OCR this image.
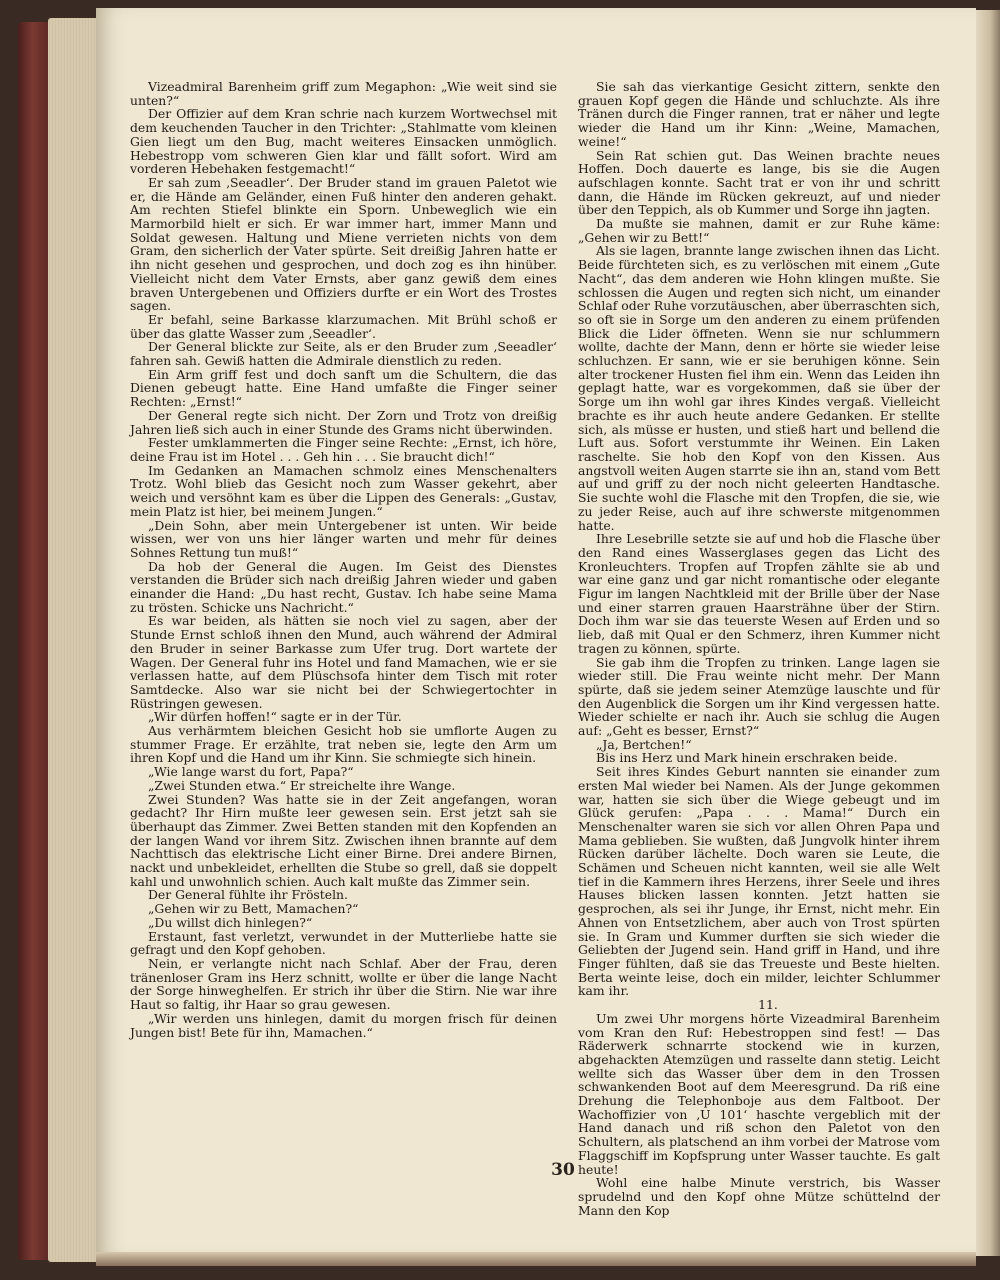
Vizeadmiral Barenheim griff zum Megaphon: „Wie weit sind sie unten?“

Der Offizier auf dem Kran schrie nach kurzem Wortwechsel mit dem keuchenden Taucher in den Trichter: „Stahlmatte vom kleinen Gien liegt um den Bug, macht weiteres Einsacken unmöglich. Hebestropp vom schweren Gien klar und fällt sofort. Wird am vorderen Hebehaken festgemacht!“

Er sah zum ‚Seeadler‘. Der Bruder stand im grauen Paletot wie er, die Hände am Geländer, einen Fuß hinter den anderen gehakt. Am rechten Stiefel blinkte ein Sporn. Unbeweglich wie ein Marmorbild hielt er sich. Er war immer hart, immer Mann und Soldat gewesen. Haltung und Miene verrieten nichts von dem Gram, den sicherlich der Vater spürte. Seit dreißig Jahren hatte er ihn nicht gesehen und gesprochen, und doch zog es ihn hinüber. Vielleicht nicht dem Vater Ernsts, aber ganz gewiß dem eines braven Untergebenen und Offiziers durfte er ein Wort des Trostes sagen.

Er befahl, seine Barkasse klarzumachen. Mit Brühl schoß er über das glatte Wasser zum ‚Seeadler‘.

Der General blickte zur Seite, als er den Bruder zum ‚Seeadler‘ fahren sah. Gewiß hatten die Admirale dienstlich zu reden.

Ein Arm griff fest und doch sanft um die Schultern, die das Dienen gebeugt hatte. Eine Hand umfaßte die Finger seiner Rechten: „Ernst!“

Der General regte sich nicht. Der Zorn und Trotz von dreißig Jahren ließ sich auch in einer Stunde des Grams nicht überwinden.

Fester umklammerten die Finger seine Rechte: „Ernst, ich höre, deine Frau ist im Hotel . . . Geh hin . . . Sie braucht dich!“

Im Gedanken an Mamachen schmolz eines Menschenalters Trotz. Wohl blieb das Gesicht noch zum Wasser gekehrt, aber weich und versöhnt kam es über die Lippen des Generals: „Gustav, mein Platz ist hier, bei meinem Jungen.“

„Dein Sohn, aber mein Untergebener ist unten. Wir beide wissen, wer von uns hier länger warten und mehr für deines Sohnes Rettung tun muß!“

Da hob der General die Augen. Im Geist des Dienstes verstanden die Brüder sich nach dreißig Jahren wieder und gaben einander die Hand: „Du hast recht, Gustav. Ich habe seine Mama zu trösten. Schicke uns Nachricht.“

Es war beiden, als hätten sie noch viel zu sagen, aber der Stunde Ernst schloß ihnen den Mund, auch während der Admiral den Bruder in seiner Barkasse zum Ufer trug. Dort wartete der Wagen. Der General fuhr ins Hotel und fand Mamachen, wie er sie verlassen hatte, auf dem Plüschsofa hinter dem Tisch mit roter Samtdecke. Also war sie nicht bei der Schwiegertochter in Rüstringen gewesen.

„Wir dürfen hoffen!“ sagte er in der Tür.

Aus verhärmtem bleichen Gesicht hob sie umflorte Augen zu stummer Frage. Er erzählte, trat neben sie, legte den Arm um ihren Kopf und die Hand um ihr Kinn. Sie schmiegte sich hinein.

„Wie lange warst du fort, Papa?“

„Zwei Stunden etwa.“ Er streichelte ihre Wange.

Zwei Stunden? Was hatte sie in der Zeit angefangen, woran gedacht? Ihr Hirn mußte leer gewesen sein. Erst jetzt sah sie überhaupt das Zimmer. Zwei Betten standen mit den Kopfenden an der langen Wand vor ihrem Sitz. Zwischen ihnen brannte auf dem Nachttisch das elektrische Licht einer Birne. Drei andere Birnen, nackt und unbekleidet, erhellten die Stube so grell, daß sie doppelt kahl und unwohnlich schien. Auch kalt mußte das Zimmer sein.

Der General fühlte ihr Frösteln.

„Gehen wir zu Bett, Mamachen?“

„Du willst dich hinlegen?“

Erstaunt, fast verletzt, verwundet in der Mutterliebe hatte sie gefragt und den Kopf gehoben.

Nein, er verlangte nicht nach Schlaf. Aber der Frau, deren tränenloser Gram ins Herz schnitt, wollte er über die lange Nacht der Sorge hinweghelfen. Er strich ihr über die Stirn. Nie war ihre Haut so faltig, ihr Haar so grau gewesen.

„Wir werden uns hinlegen, damit du morgen frisch für deinen Jungen bist! Bete für ihn, Mamachen.“

Sie sah das vierkantige Gesicht zittern, senkte den grauen Kopf gegen die Hände und schluchzte. Als ihre Tränen durch die Finger rannen, trat er näher und legte wieder die Hand um ihr Kinn: „Weine, Mamachen, weine!“

Sein Rat schien gut. Das Weinen brachte neues Hoffen. Doch dauerte es lange, bis sie die Augen aufschlagen konnte. Sacht trat er von ihr und schritt dann, die Hände im Rücken gekreuzt, auf und nieder über den Teppich, als ob Kummer und Sorge ihn jagten.

Da mußte sie mahnen, damit er zur Ruhe käme: „Gehen wir zu Bett!“

Als sie lagen, brannte lange zwischen ihnen das Licht. Beide fürchteten sich, es zu verlöschen mit einem „Gute Nacht“, das dem anderen wie Hohn klingen mußte. Sie schlossen die Augen und regten sich nicht, um einander Schlaf oder Ruhe vorzutäuschen, aber überraschten sich, so oft sie in Sorge um den anderen zu einem prüfenden Blick die Lider öffneten. Wenn sie nur schlummern wollte, dachte der Mann, denn er hörte sie wieder leise schluchzen. Er sann, wie er sie beruhigen könne. Sein alter trockener Husten fiel ihm ein. Wenn das Leiden ihn geplagt hatte, war es vorgekommen, daß sie über der Sorge um ihn wohl gar ihres Kindes vergaß. Vielleicht brachte es ihr auch heute andere Gedanken. Er stellte sich, als müsse er husten, und stieß hart und bellend die Luft aus. Sofort verstummte ihr Weinen. Ein Laken raschelte. Sie hob den Kopf von den Kissen. Aus angstvoll weiten Augen starrte sie ihn an, stand vom Bett auf und griff zu der noch nicht geleerten Handtasche. Sie suchte wohl die Flasche mit den Tropfen, die sie, wie zu jeder Reise, auch auf ihre schwerste mitgenommen hatte.

Ihre Lesebrille setzte sie auf und hob die Flasche über den Rand eines Wasserglases gegen das Licht des Kronleuchters. Tropfen auf Tropfen zählte sie ab und war eine ganz und gar nicht romantische oder elegante Figur im langen Nachtkleid mit der Brille über der Nase und einer starren grauen Haarsträhne über der Stirn. Doch ihm war sie das teuerste Wesen auf Erden und so lieb, daß mit Qual er den Schmerz, ihren Kummer nicht tragen zu können, spürte.

Sie gab ihm die Tropfen zu trinken. Lange lagen sie wieder still. Die Frau weinte nicht mehr. Der Mann spürte, daß sie jedem seiner Atemzüge lauschte und für den Augenblick die Sorgen um ihr Kind vergessen hatte. Wieder schielte er nach ihr. Auch sie schlug die Augen auf: „Geht es besser, Ernst?“

„Ja, Bertchen!“

Bis ins Herz und Mark hinein erschraken beide.

Seit ihres Kindes Geburt nannten sie einander zum ersten Mal wieder bei Namen. Als der Junge gekommen war, hatten sie sich über die Wiege gebeugt und im Glück gerufen: „Papa . . . Mama!“ Durch ein Menschenalter waren sie sich vor allen Ohren Papa und Mama geblieben. Sie wußten, daß Jungvolk hinter ihrem Rücken darüber lächelte. Doch waren sie Leute, die Schämen und Scheuen nicht kannten, weil sie alle Welt tief in die Kammern ihres Herzens, ihrer Seele und ihres Hauses blicken lassen konnten. Jetzt hatten sie gesprochen, als sei ihr Junge, ihr Ernst, nicht mehr. Ein Ahnen von Entsetzlichem, aber auch von Trost spürten sie. In Gram und Kummer durften sie sich wieder die Geliebten der Jugend sein. Hand griff in Hand, und ihre Finger fühlten, daß sie das Treueste und Beste hielten. Berta weinte leise, doch ein milder, leichter Schlummer kam ihr.

11.

Um zwei Uhr morgens hörte Vizeadmiral Barenheim vom Kran den Ruf: Hebestroppen sind fest! — Das Räderwerk schnarrte stockend wie in kurzen, abgehackten Atemzügen und rasselte dann stetig. Leicht wellte sich das Wasser über dem in den Trossen schwankenden Boot auf dem Meeresgrund. Da riß eine Drehung die Telephonboje aus dem Faltboot. Der Wachoffizier von ‚U 101‘ haschte vergeblich mit der Hand danach und riß schon den Paletot von den Schultern, als platschend an ihm vorbei der Matrose vom Flaggschiff im Kopfsprung unter Wasser tauchte. Es galt heute!

Wohl eine halbe Minute verstrich, bis Wasser sprudelnd und den Kopf ohne Mütze schüttelnd der Mann den Kop

30
